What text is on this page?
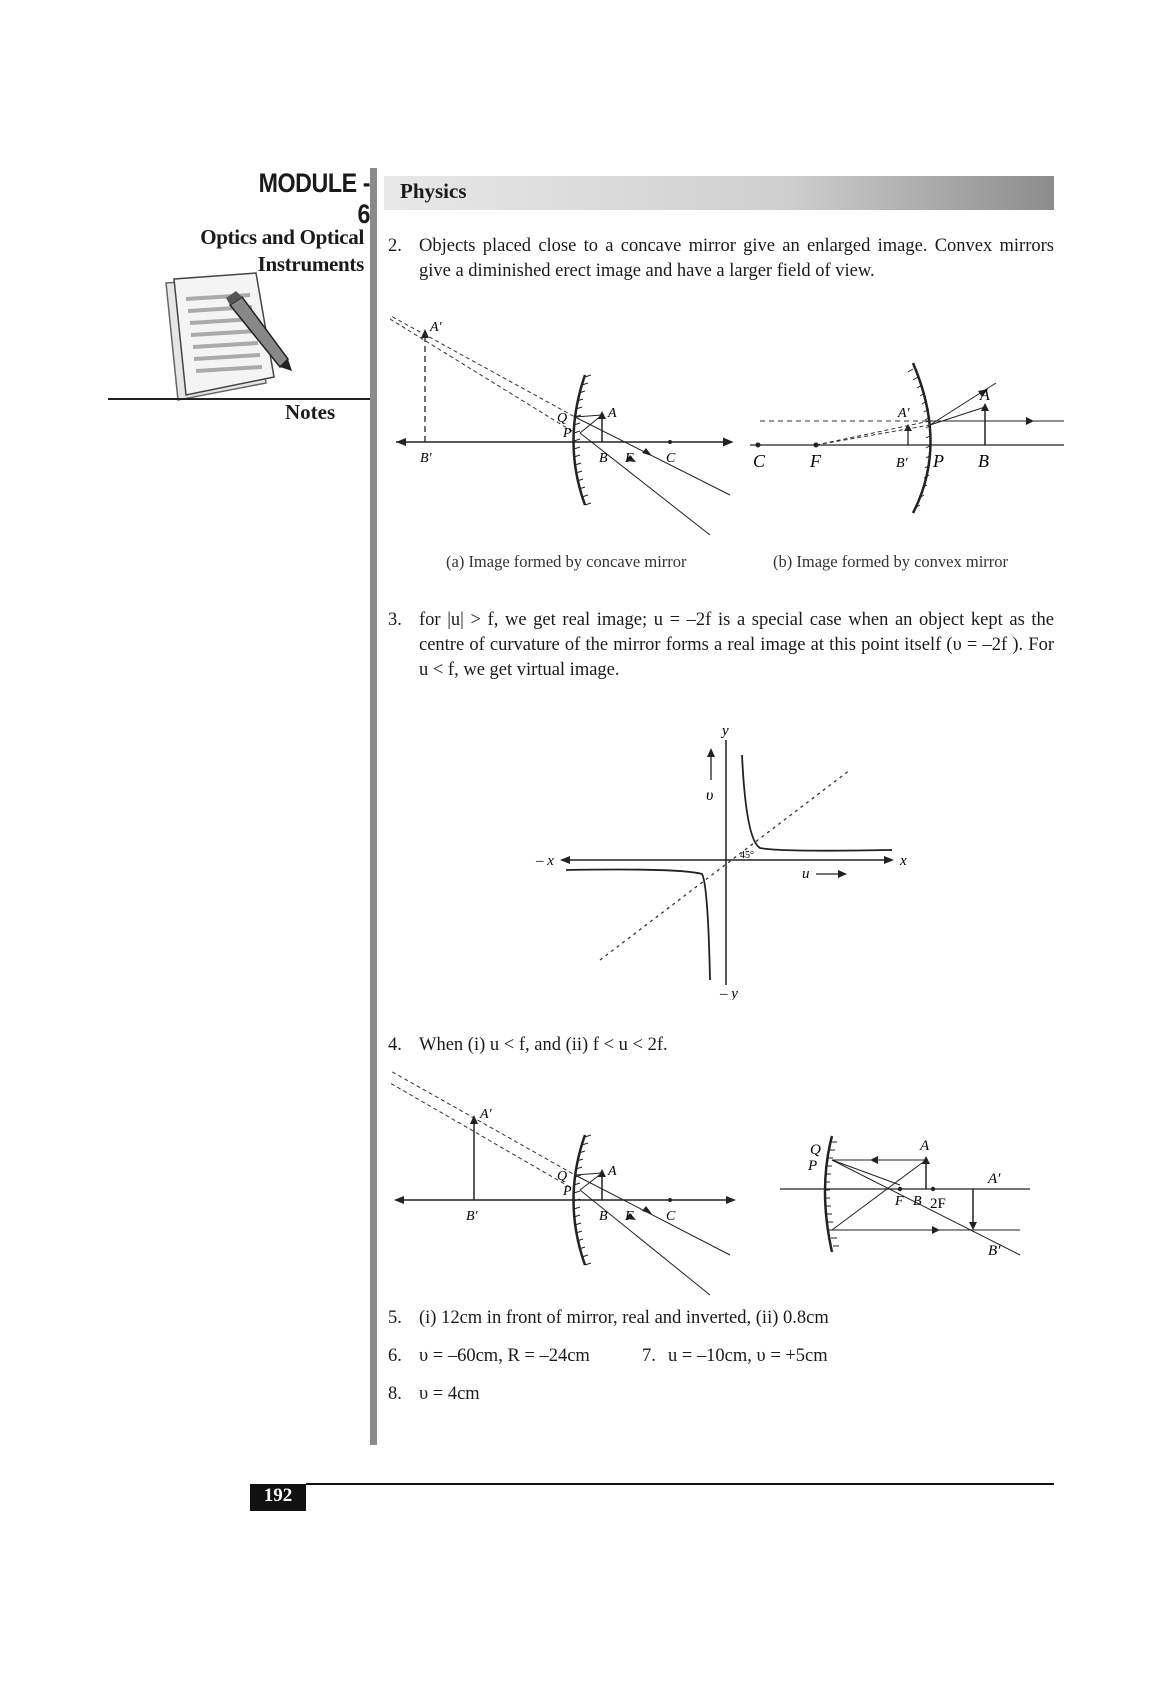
MODULE - 6
Optics and Optical
Instruments
Notes
Physics
2. Objects placed close to a concave mirror give an enlarged image. Convex mirrors give a diminished erect image and have a larger field of view.
A′
B′
Q
P
A
B F C
(a) Image formed by concave mirror
C F	B′ P B
A′
A
(b) Image formed by convex mirror
3. for |u| > f, we get real image; u = –2f is a special case when an object kept as the centre of curvature of the mirror forms a real image at this point itself (υ = –2f ). For u < f, we get virtual image.
y
– y
x
– x
u
υ
45°
4. When (i) u < f, and (ii) f < u < 2f.
A′
B′
Q
P
A
B F C
Q
P
A
F B 2F
A′
B′
5. (i) 12cm in front of mirror, real and inverted, (ii) 0.8cm
6. υ = –60cm, R = –24cm	7. u = –10cm, υ = +5cm
8. υ = 4cm
192
